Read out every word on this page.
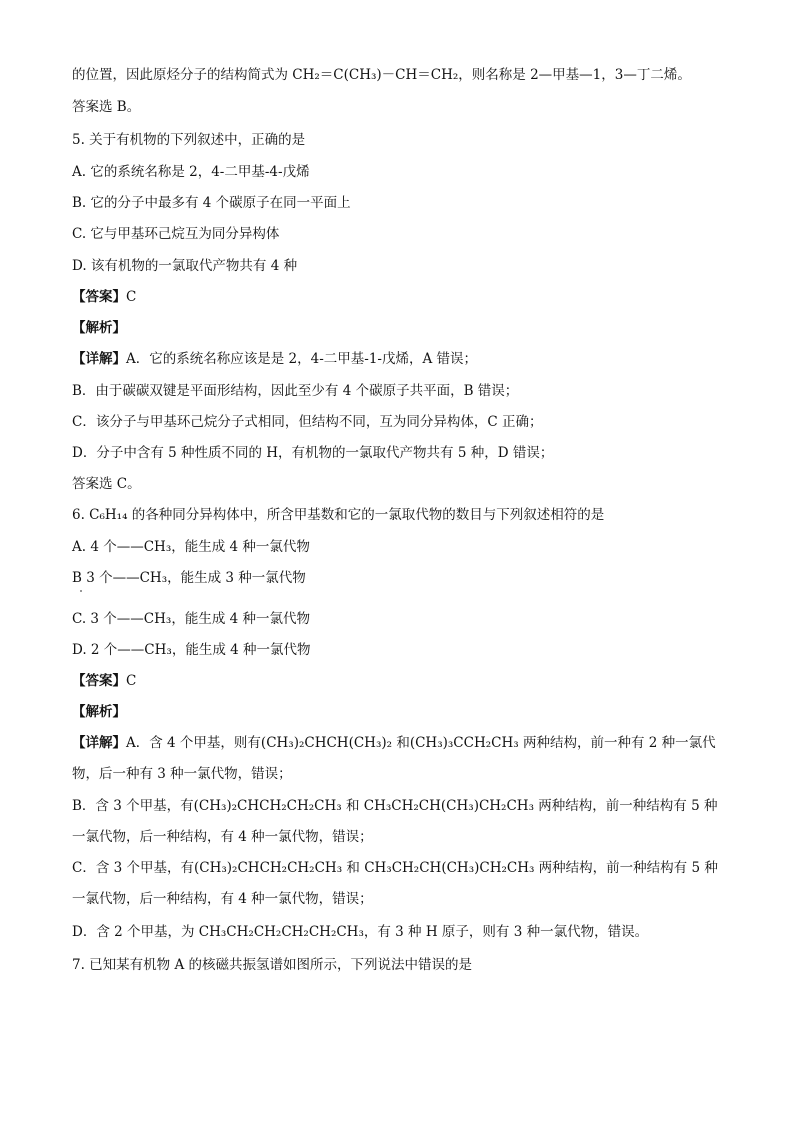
的位置，因此原烃分子的结构简式为 CH₂＝C(CH₃)－CH＝CH₂，则名称是 2—甲基—1，3—丁二烯。
答案选 B。
5. 关于有机物的下列叙述中，正确的是
A. 它的系统名称是 2，4-二甲基-4-戊烯
B. 它的分子中最多有 4 个碳原子在同一平面上
C. 它与甲基环己烷互为同分异构体
D. 该有机物的一氯取代产物共有 4 种
【答案】C
【解析】
【详解】A．它的系统名称应该是是 2，4-二甲基-1-戊烯，A 错误；
B．由于碳碳双键是平面形结构，因此至少有 4 个碳原子共平面，B 错误；
C．该分子与甲基环己烷分子式相同，但结构不同，互为同分异构体，C 正确；
D．分子中含有 5 种性质不同的 H，有机物的一氯取代产物共有 5 种，D 错误；
答案选 C。
6. C₆H₁₄ 的各种同分异构体中，所含甲基数和它的一氯取代物的数目与下列叙述相符的是
A. 4 个——CH₃，能生成 4 种一氯代物
B 3 个——CH₃，能生成 3 种一氯代物
C. 3 个——CH₃，能生成 4 种一氯代物
D. 2 个——CH₃，能生成 4 种一氯代物
【答案】C
【解析】
【详解】A．含 4 个甲基，则有(CH₃)₂CHCH(CH₃)₂ 和(CH₃)₃CCH₂CH₃ 两种结构，前一种有 2 种一氯代物，后一种有 3 种一氯代物，错误；
B．含 3 个甲基，有(CH₃)₂CHCH₂CH₂CH₃ 和 CH₃CH₂CH(CH₃)CH₂CH₃ 两种结构，前一种结构有 5 种一氯代物，后一种结构，有 4 种一氯代物，错误；
C．含 3 个甲基，有(CH₃)₂CHCH₂CH₂CH₃ 和 CH₃CH₂CH(CH₃)CH₂CH₃ 两种结构，前一种结构有 5 种一氯代物，后一种结构，有 4 种一氯代物，错误；
D．含 2 个甲基，为 CH₃CH₂CH₂CH₂CH₂CH₃，有 3 种 H 原子，则有 3 种一氯代物，错误。
7. 已知某有机物 A 的核磁共振氢谱如图所示，下列说法中错误的是
